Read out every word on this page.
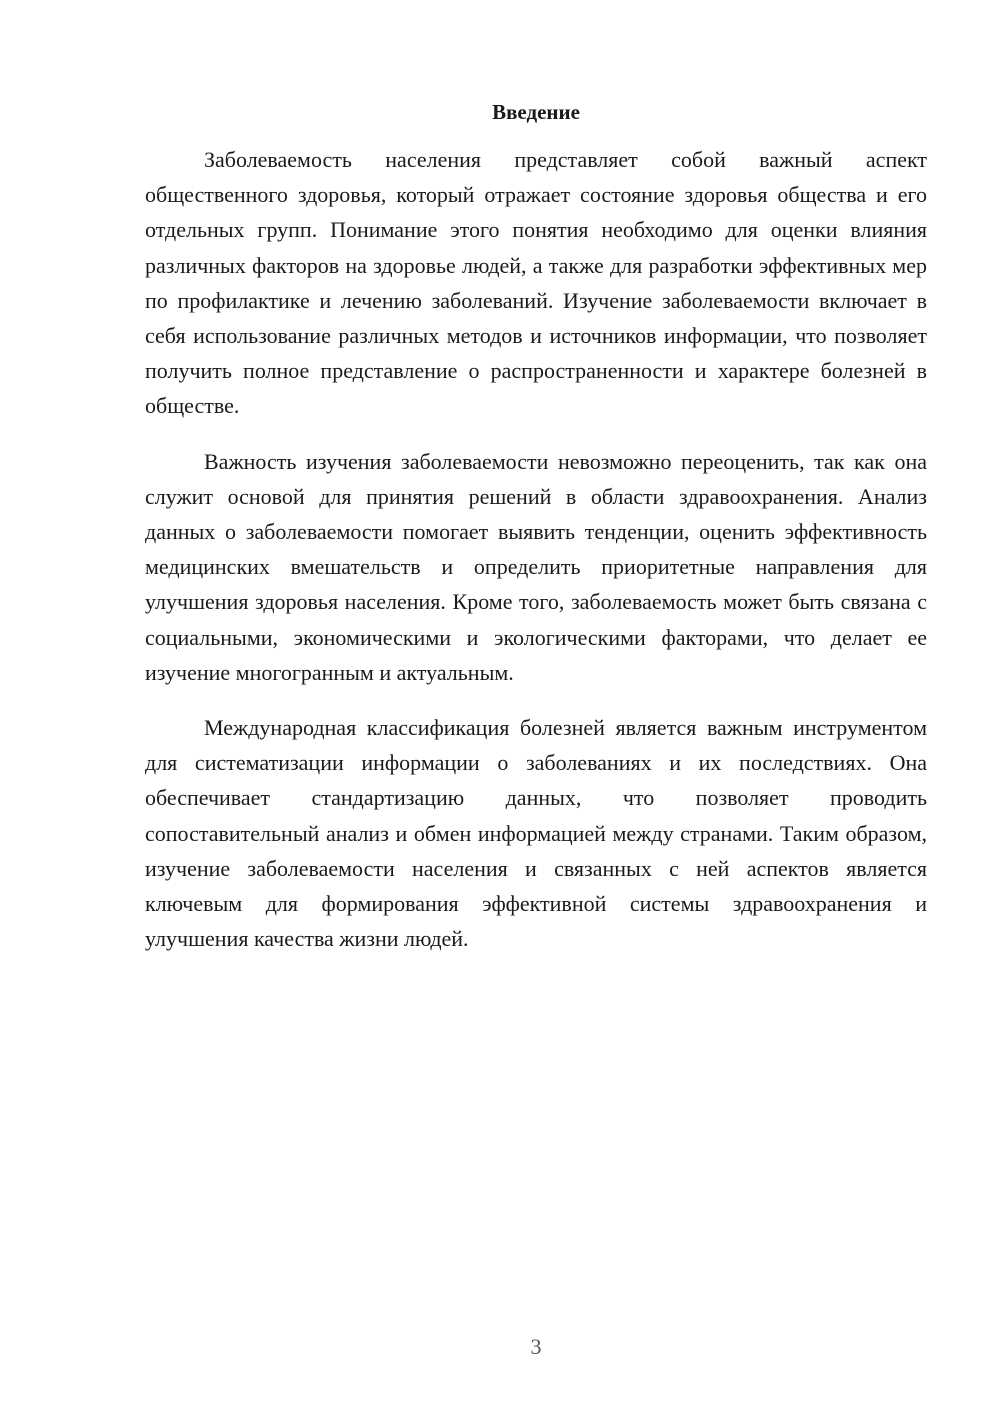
Введение

Заболеваемость населения представляет собой важный аспект общественного здоровья, который отражает состояние здоровья общества и его отдельных групп. Понимание этого понятия необходимо для оценки влияния различных факторов на здоровье людей, а также для разработки эффективных мер по профилактике и лечению заболеваний. Изучение заболеваемости включает в себя использование различных методов и источников информации, что позволяет получить полное представление о распространенности и характере болезней в обществе.

Важность изучения заболеваемости невозможно переоценить, так как она служит основой для принятия решений в области здравоохранения. Анализ данных о заболеваемости помогает выявить тенденции, оценить эффективность медицинских вмешательств и определить приоритетные направления для улучшения здоровья населения. Кроме того, заболеваемость может быть связана с социальными, экономическими и экологическими факторами, что делает ее изучение многогранным и актуальным.

Международная классификация болезней является важным инструментом для систематизации информации о заболеваниях и их последствиях. Она обеспечивает стандартизацию данных, что позволяет проводить сопоставительный анализ и обмен информацией между странами. Таким образом, изучение заболеваемости населения и связанных с ней аспектов является ключевым для формирования эффективной системы здравоохранения и улучшения качества жизни людей.

3
